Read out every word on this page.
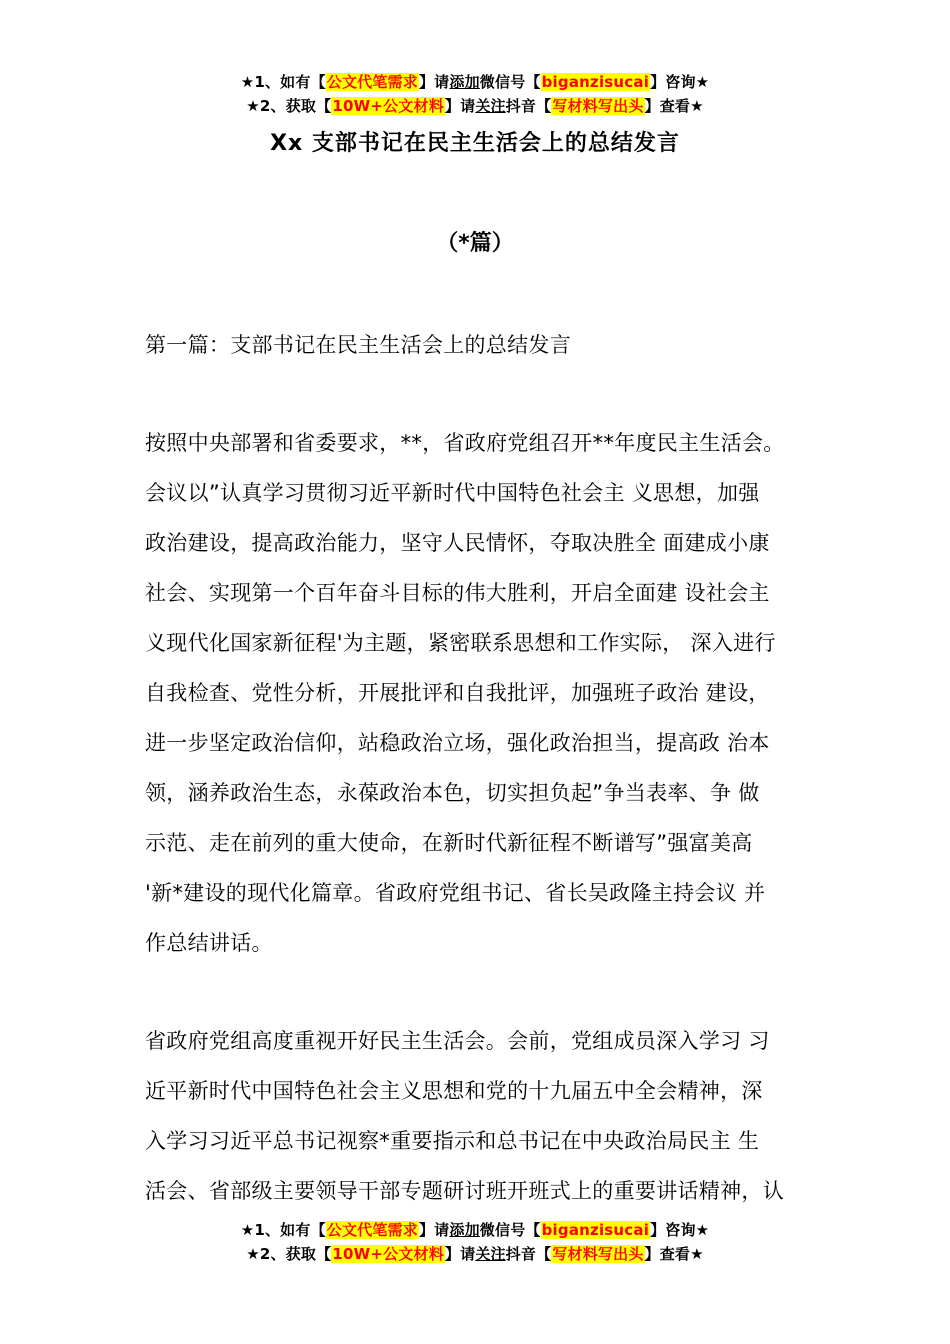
★1、如有【公文代笔需求】请添加微信号【biganzisucai】咨询★
★2、获取【10W+公文材料】请关注抖音【写材料写出头】查看★
Xx 支部书记在民主生活会上的总结发言
（*篇）
第一篇：支部书记在民主生活会上的总结发言
按照中央部署和省委要求，**，省政府党组召开**年度民主生活会。
会议以”认真学习贯彻习近平新时代中国特色社会主 义思想，加强
政治建设，提高政治能力，坚守人民情怀，夺取决胜全 面建成小康
社会、实现第一个百年奋斗目标的伟大胜利，开启全面建 设社会主
义现代化国家新征程'为主题，紧密联系思想和工作实际， 深入进行
自我检查、党性分析，开展批评和自我批评，加强班子政治 建设，
进一步坚定政治信仰，站稳政治立场，强化政治担当，提高政 治本
领，涵养政治生态，永葆政治本色，切实担负起”争当表率、争 做
示范、走在前列的重大使命，在新时代新征程不断谱写”强富美高
'新*建设的现代化篇章。省政府党组书记、省长吴政隆主持会议 并
作总结讲话。
省政府党组高度重视开好民主生活会。会前，党组成员深入学习 习
近平新时代中国特色社会主义思想和党的十九届五中全会精神，深
入学习习近平总书记视察*重要指示和总书记在中央政治局民主 生
活会、省部级主要领导干部专题研讨班开班式上的重要讲话精神，认
★1、如有【公文代笔需求】请添加微信号【biganzisucai】咨询★
★2、获取【10W+公文材料】请关注抖音【写材料写出头】查看★
